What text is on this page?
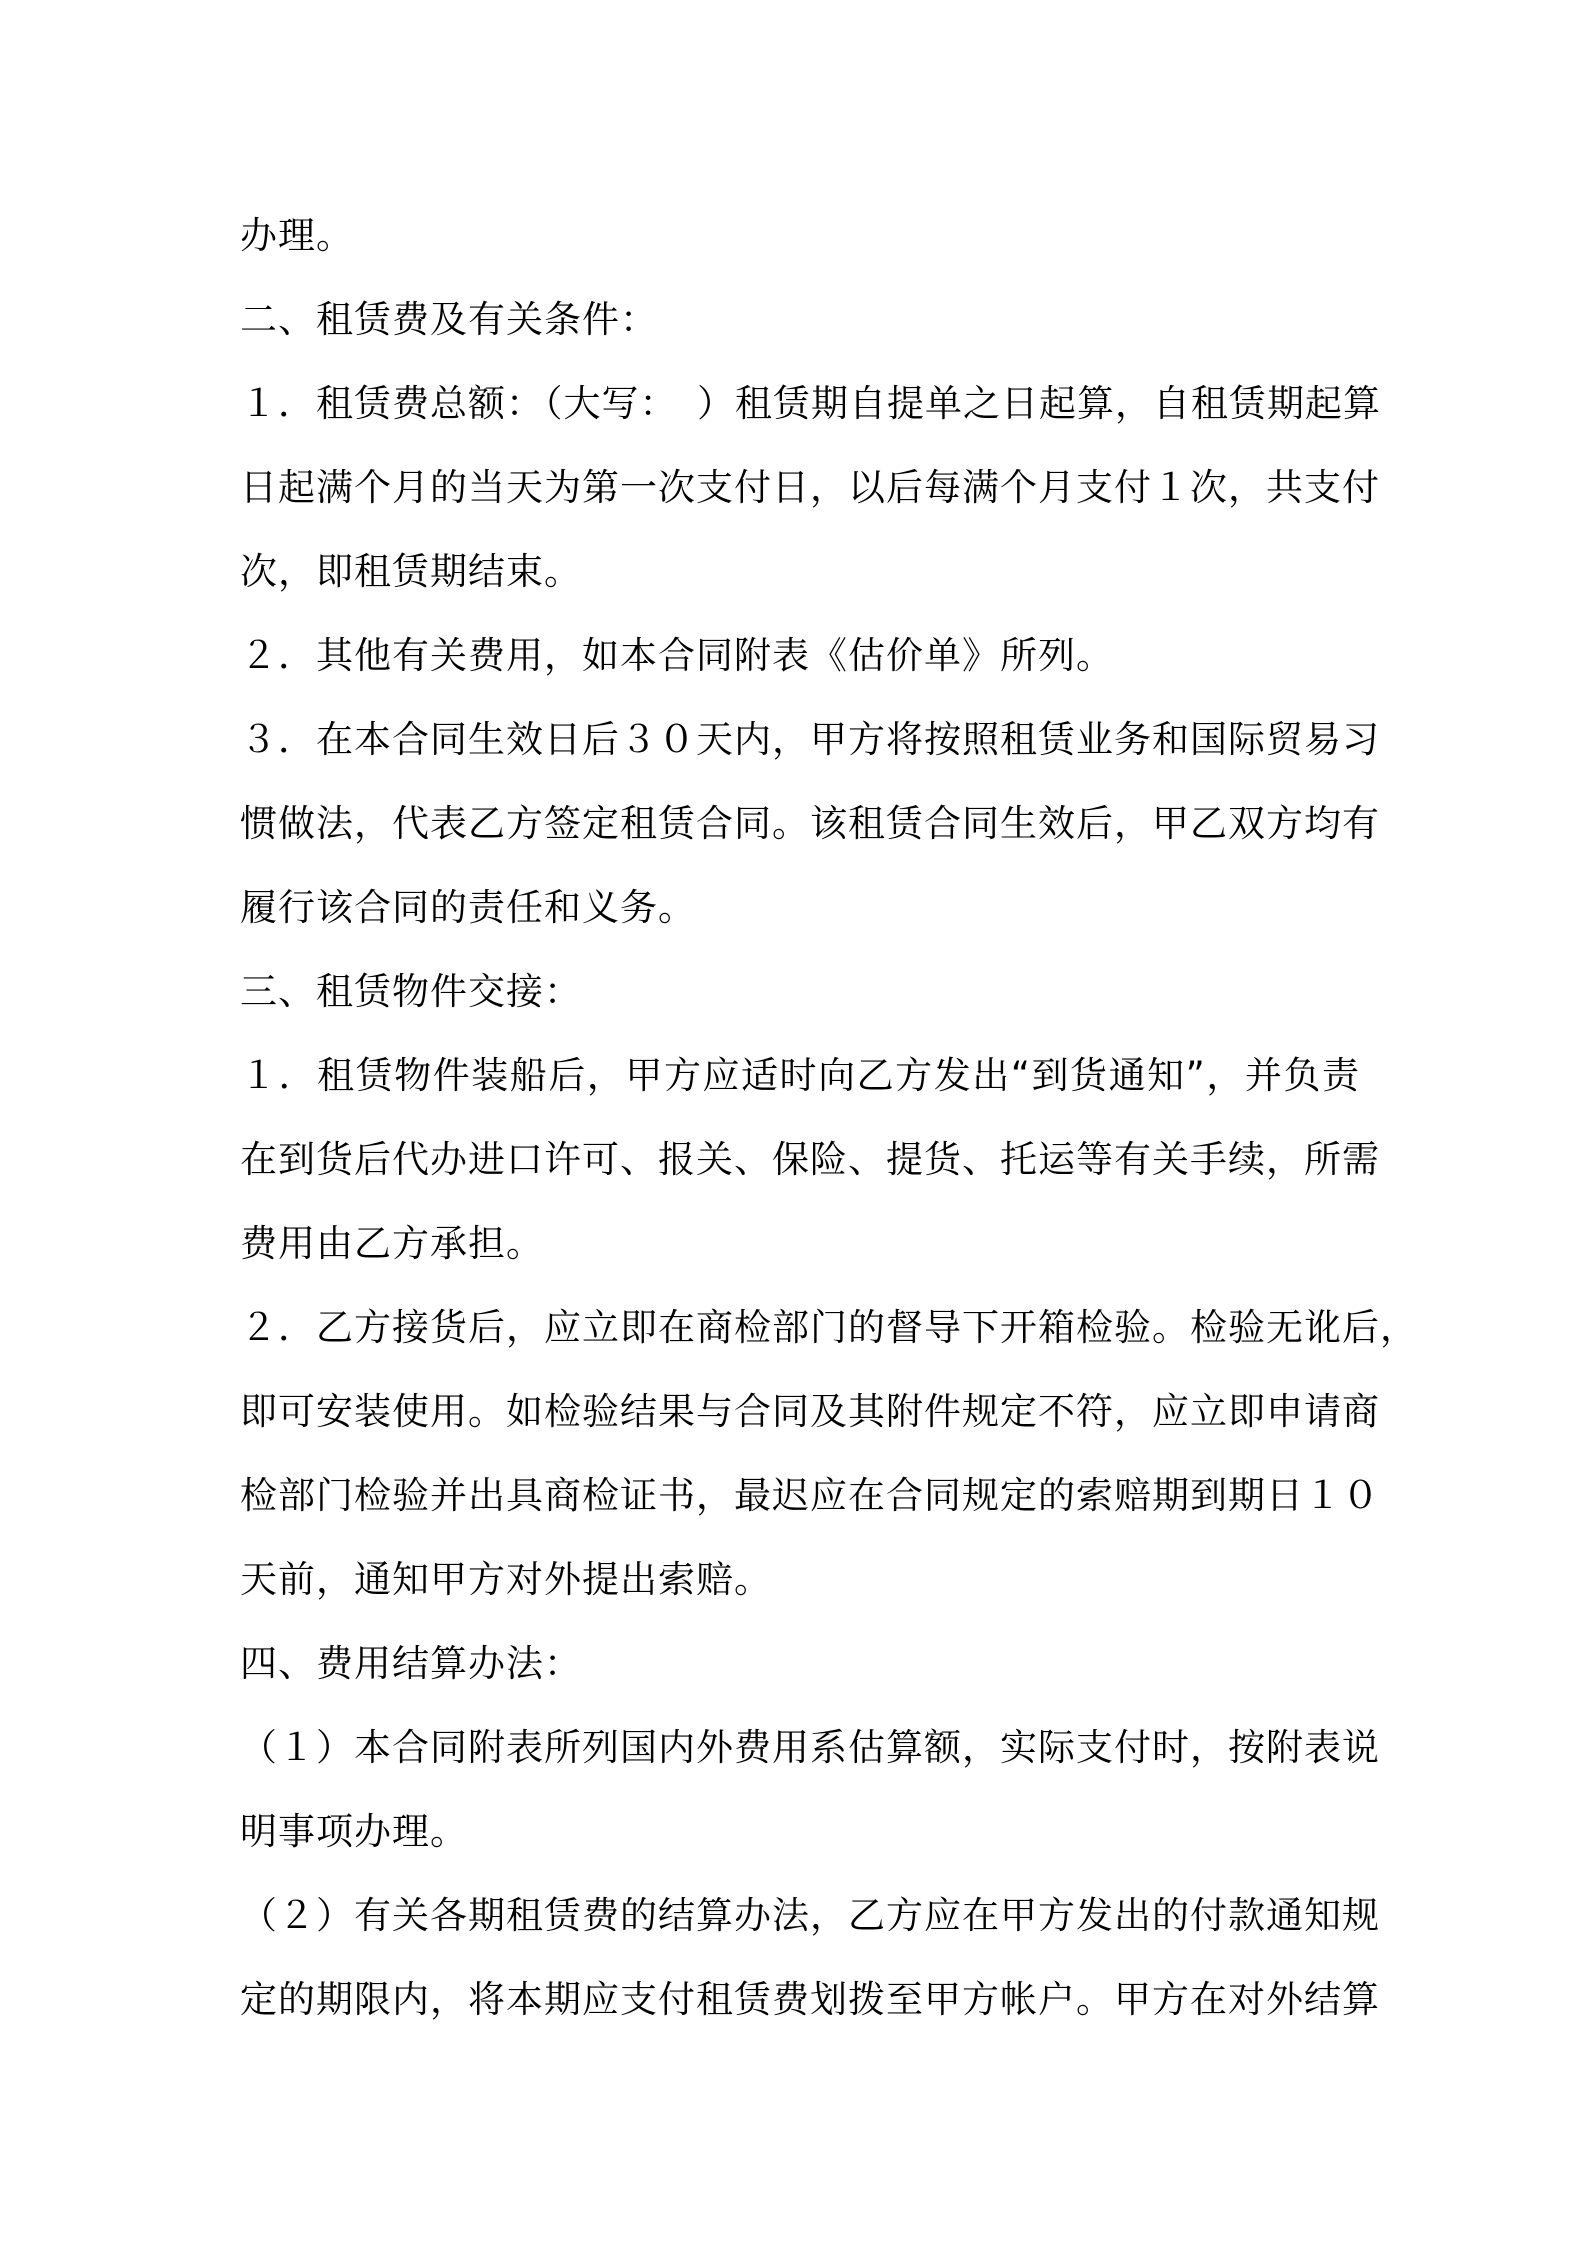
办理。
二、租赁费及有关条件：
１．租赁费总额：（大写：　）租赁期自提单之日起算，自租赁期起算
日起满个月的当天为第一次支付日，以后每满个月支付１次，共支付
次，即租赁期结束。
２．其他有关费用，如本合同附表《估价单》所列。
３．在本合同生效日后３０天内，甲方将按照租赁业务和国际贸易习
惯做法，代表乙方签定租赁合同。该租赁合同生效后，甲乙双方均有
履行该合同的责任和义务。
三、租赁物件交接：
１．租赁物件装船后，甲方应适时向乙方发出“到货通知”，并负责
在到货后代办进口许可、报关、保险、提货、托运等有关手续，所需
费用由乙方承担。
２．乙方接货后，应立即在商检部门的督导下开箱检验。检验无讹后，
即可安装使用。如检验结果与合同及其附件规定不符，应立即申请商
检部门检验并出具商检证书，最迟应在合同规定的索赔期到期日１０
天前，通知甲方对外提出索赔。
四、费用结算办法：
（１）本合同附表所列国内外费用系估算额，实际支付时，按附表说
明事项办理。
（２）有关各期租赁费的结算办法，乙方应在甲方发出的付款通知规
定的期限内，将本期应支付租赁费划拨至甲方帐户。甲方在对外结算
